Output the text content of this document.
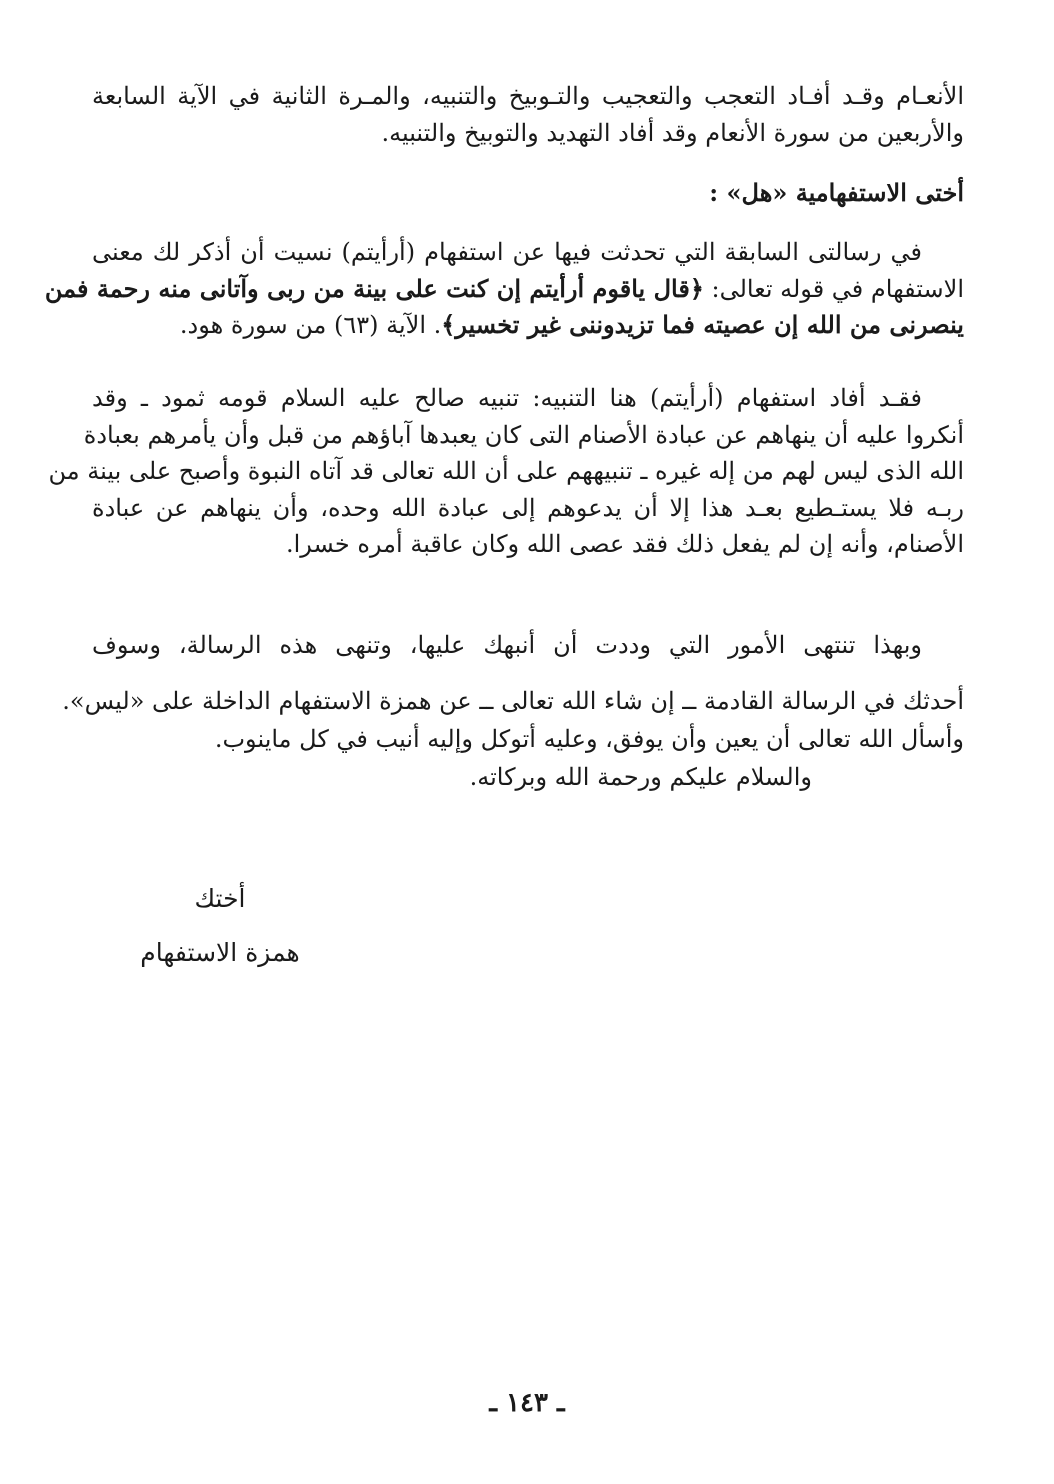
الأنعـام وقـد أفـاد التعجب والتعجيب والتـوبيخ والتنبيه، والمـرة الثانية في الآية السابعة
والأربعين من سورة الأنعام وقد أفاد التهديد والتوبيخ والتنبيه.
أختى الاستفهامية «هل» :
في رسالتى السابقة التي تحدثت فيها عن استفهام (أرأيتم) نسيت أن أذكر لك معنى
الاستفهام في قوله تعالى: ﴿قال ياقوم أرأيتم إن كنت على بينة من ربى وآتانى منه رحمة فمن
ينصرنى من الله إن عصيته فما تزيدوننى غير تخسير﴾. الآية (٦٣) من سورة هود.
فقـد أفاد استفهام (أرأيتم) هنا التنبيه: تنبيه صالح عليه السلام قومه ثمود ـ وقد
أنكروا عليه أن ينهاهم عن عبادة الأصنام التى كان يعبدها آباؤهم من قبل وأن يأمرهم بعبادة
الله الذى ليس لهم من إله غيره ـ تنبيههم على أن الله تعالى قد آتاه النبوة وأصبح على بينة من
ربـه فلا يستـطيع بعـد هذا إلا أن يدعوهم إلى عبادة الله وحده، وأن ينهاهم عن عبادة
الأصنام، وأنه إن لم يفعل ذلك فقد عصى الله وكان عاقبة أمره خسرا.
وبهذا تنتهى الأمور التي وددت أن أنبهك عليها، وتنهى هذه الرسالة، وسوف
أحدثك في الرسالة القادمة ــ إن شاء الله تعالى ــ عن همزة الاستفهام الداخلة على «ليس».
وأسأل الله تعالى أن يعين وأن يوفق، وعليه أتوكل وإليه أنيب في كل ماينوب.
والسلام عليكم ورحمة الله وبركاته.
أختك
همزة الاستفهام
ـ ١٤٣ ـ
